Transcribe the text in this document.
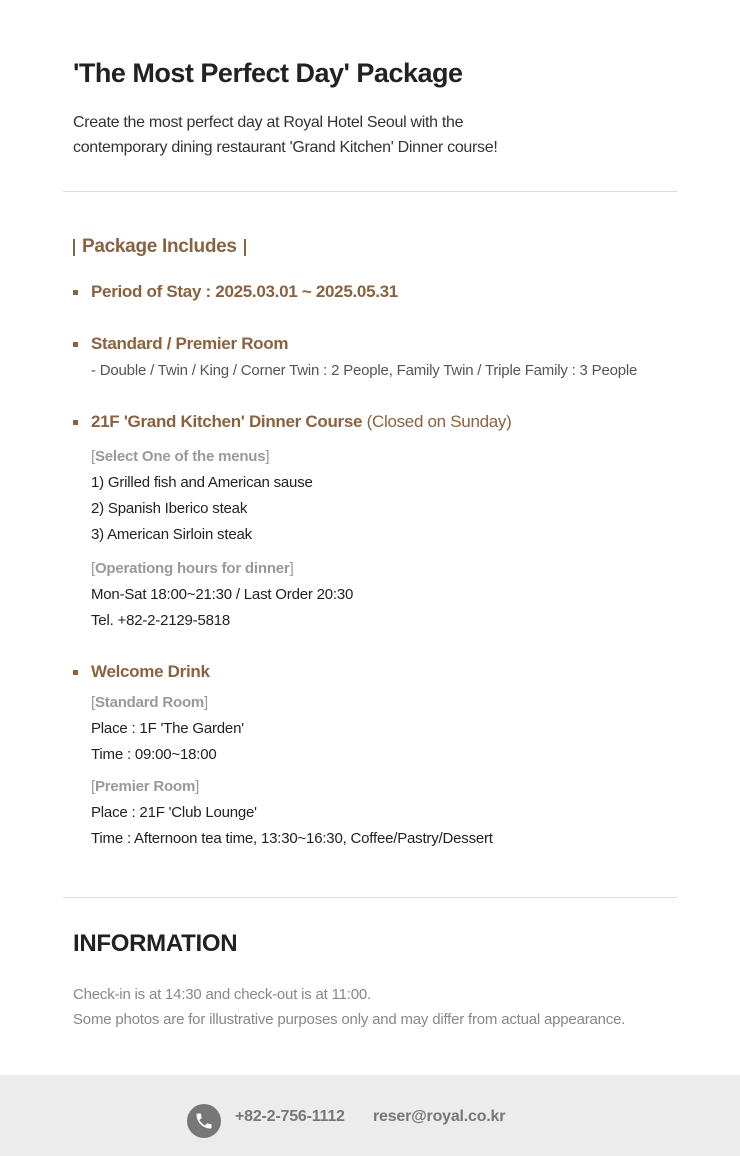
'The Most Perfect Day' Package
Create the most perfect day at Royal Hotel Seoul with the
contemporary dining restaurant 'Grand Kitchen' Dinner course!
Package Includes
Period of Stay : 2025.03.01 ~ 2025.05.31
Standard / Premier Room
- Double / Twin / King / Corner Twin : 2 People, Family Twin / Triple Family : 3 People
21F 'Grand Kitchen' Dinner Course (Closed on Sunday)
[Select One of the menus]
1) Grilled fish and American sause
2) Spanish Iberico steak
3) American Sirloin steak
[Operationg hours for dinner]
Mon-Sat 18:00~21:30 / Last Order 20:30
Tel. +82-2-2129-5818
Welcome Drink
[Standard Room]
Place : 1F 'The Garden'
Time : 09:00~18:00
[Premier Room]
Place : 21F 'Club Lounge'
Time : Afternoon tea time, 13:30~16:30, Coffee/Pastry/Dessert
INFORMATION
Check-in is at 14:30 and check-out is at 11:00.
Some photos are for illustrative purposes only and may differ from actual appearance.
+82-2-756-1112 reser@royal.co.kr
